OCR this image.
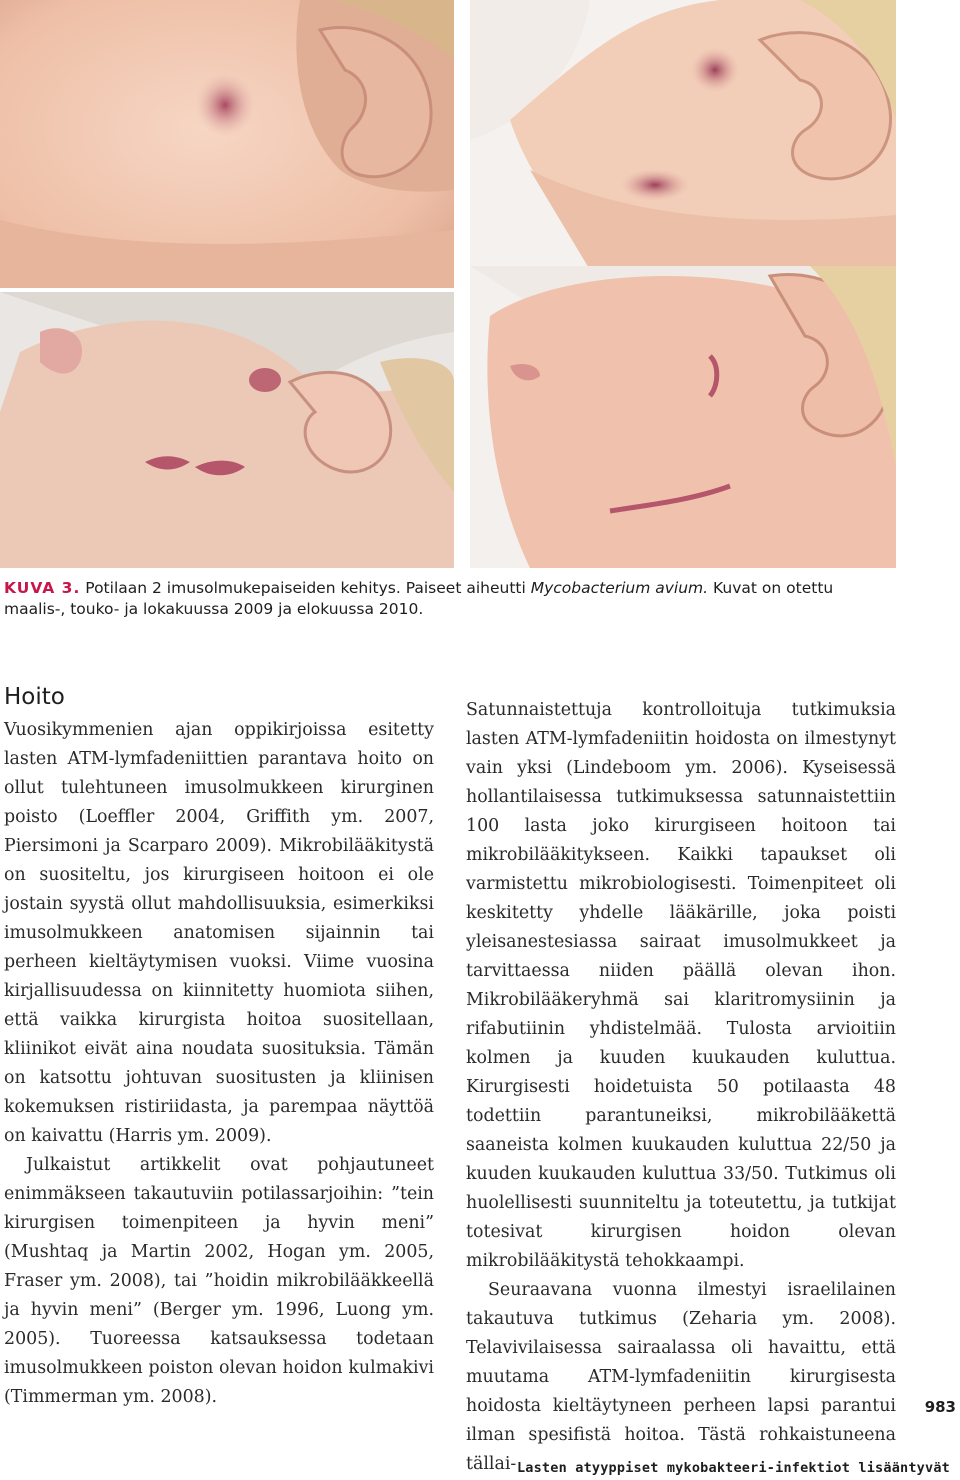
KUVA 3. Potilaan 2 imusolmukepaiseiden kehitys. Paiseet aiheutti Mycobacterium avium. Kuvat on otettu maalis-, touko- ja lokakuussa 2009 ja elokuussa 2010.
Hoito

Vuosikymmenien ajan oppikirjoissa esitetty lasten ATM-lymfadeniittien parantava hoito on ollut tulehtuneen imusolmukkeen kirurginen poisto (Loeffler 2004, Griffith ym. 2007, Piersimoni ja Scarparo 2009). Mikrobilääkitystä on suositeltu, jos kirurgiseen hoitoon ei ole jostain syystä ollut mahdollisuuksia, esimerkiksi imusolmukkeen anatomisen sijainnin tai perheen kieltäytymisen vuoksi. Viime vuosina kirjallisuudessa on kiinnitetty huomiota siihen, että vaikka kirurgista hoitoa suositellaan, kliinikot eivät aina noudata suosituksia. Tämän on katsottu johtuvan suositusten ja kliinisen kokemuksen ristiriidasta, ja parempaa näyttöä on kaivattu (Harris ym. 2009).

Julkaistut artikkelit ovat pohjautuneet enimmäkseen takautuviin potilassarjoihin: ”tein kirurgisen toimenpiteen ja hyvin meni” (Mushtaq ja Martin 2002, Hogan ym. 2005, Fraser ym. 2008), tai ”hoidin mikrobilääkkeellä ja hyvin meni” (Berger ym. 1996, Luong ym. 2005). Tuoreessa katsauksessa todetaan imusolmukkeen poiston olevan hoidon kulmakivi (Timmerman ym. 2008).

Satunnaistettuja kontrolloituja tutkimuksia lasten ATM-lymfadeniitin hoidosta on ilmestynyt vain yksi (Lindeboom ym. 2006). Kyseisessä hollantilaisessa tutkimuksessa satunnaistettiin 100 lasta joko kirurgiseen hoitoon tai mikrobilääkitykseen. Kaikki tapaukset oli varmistettu mikrobiologisesti. Toimenpiteet oli keskitetty yhdelle lääkärille, joka poisti yleisanestesiassa sairaat imusolmukkeet ja tarvittaessa niiden päällä olevan ihon. Mikrobilääkeryhmä sai klaritromysiinin ja rifabutiinin yhdistelmää. Tulosta arvioitiin kolmen ja kuuden kuukauden kuluttua. Kirurgisesti hoidetuista 50 potilaasta 48 todettiin parantuneiksi, mikrobilääkettä saaneista kolmen kuukauden kuluttua 22/50 ja kuuden kuukauden kuluttua 33/50. Tutkimus oli huolellisesti suunniteltu ja toteutettu, ja tutkijat totesivat kirurgisen hoidon olevan mikrobilääkitystä tehokkaampi.

Seuraavana vuonna ilmestyi israelilainen takautuva tutkimus (Zeharia ym. 2008). Telavivilaisessa sairaalassa oli havaittu, että muutama ATM-lymfadeniitin kirurgisesta hoidosta kieltäytyneen perheen lapsi parantui ilman spesifistä hoitoa. Tästä rohkaistuneena tällai-

983
Lasten atyyppiset mykobakteeri-infektiot lisääntyvät
